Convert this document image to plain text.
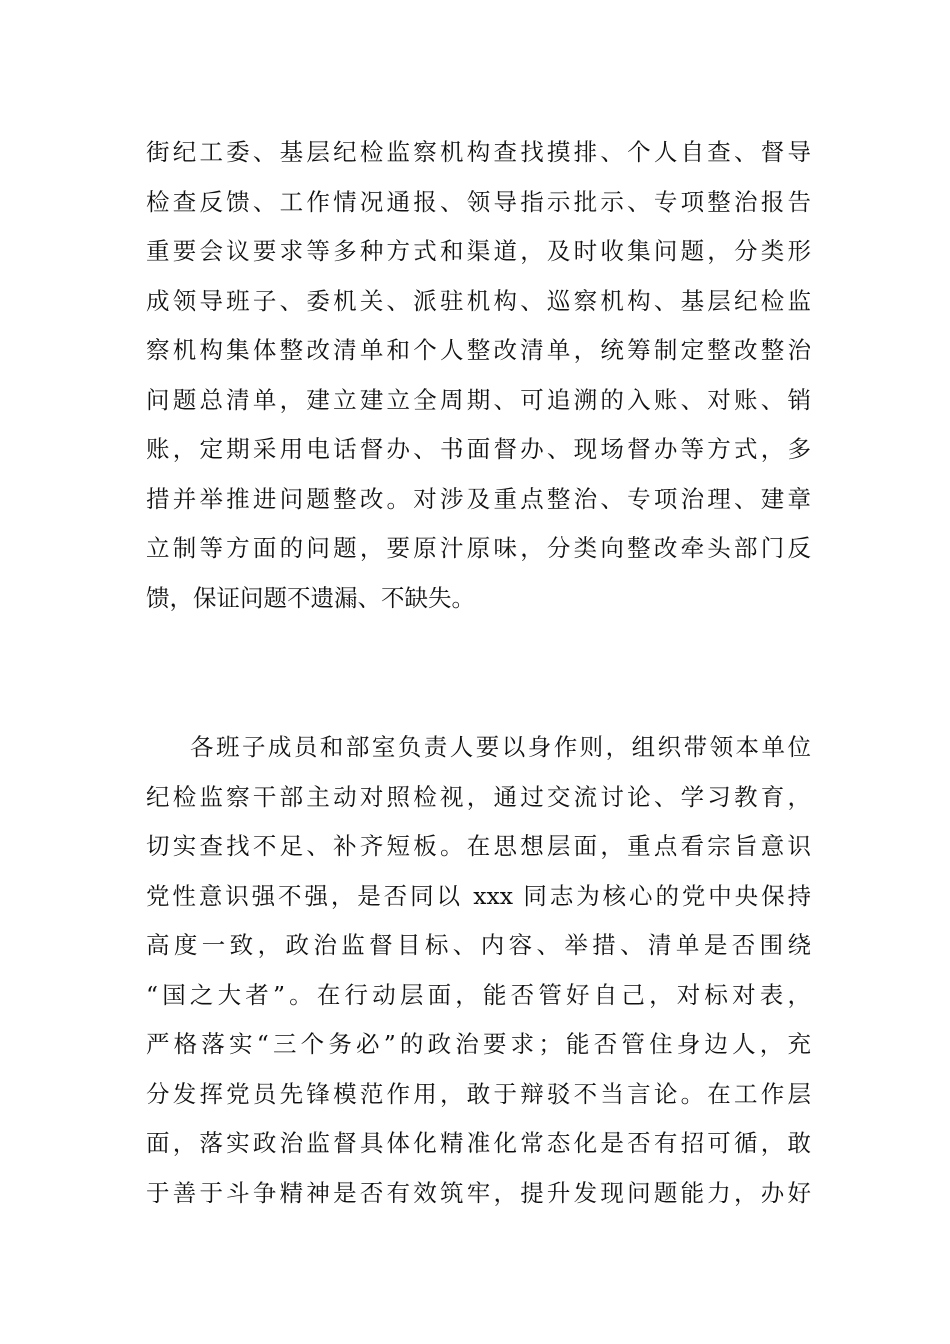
街纪工委、基层纪检监察机构查找摸排、个人自查、督导
检查反馈、工作情况通报、领导指示批示、专项整治报告
重要会议要求等多种方式和渠道，及时收集问题，分类形
成领导班子、委机关、派驻机构、巡察机构、基层纪检监
察机构集体整改清单和个人整改清单，统筹制定整改整治
问题总清单，建立建立全周期、可追溯的入账、对账、销
账，定期采用电话督办、书面督办、现场督办等方式，多
措并举推进问题整改。对涉及重点整治、专项治理、建章
立制等方面的问题，要原汁原味，分类向整改牵头部门反
馈，保证问题不遗漏、不缺失。
各班子成员和部室负责人要以身作则，组织带领本单位
纪检监察干部主动对照检视，通过交流讨论、学习教育，
切实查找不足、补齐短板。在思想层面，重点看宗旨意识
党性意识强不强，是否同以 xxx 同志为核心的党中央保持
高度一致，政治监督目标、内容、举措、清单是否围绕
“国之大者”。在行动层面，能否管好自己，对标对表，
严格落实“三个务必”的政治要求；能否管住身边人，充
分发挥党员先锋模范作用，敢于辩驳不当言论。在工作层
面，落实政治监督具体化精准化常态化是否有招可循，敢
于善于斗争精神是否有效筑牢，提升发现问题能力，办好
